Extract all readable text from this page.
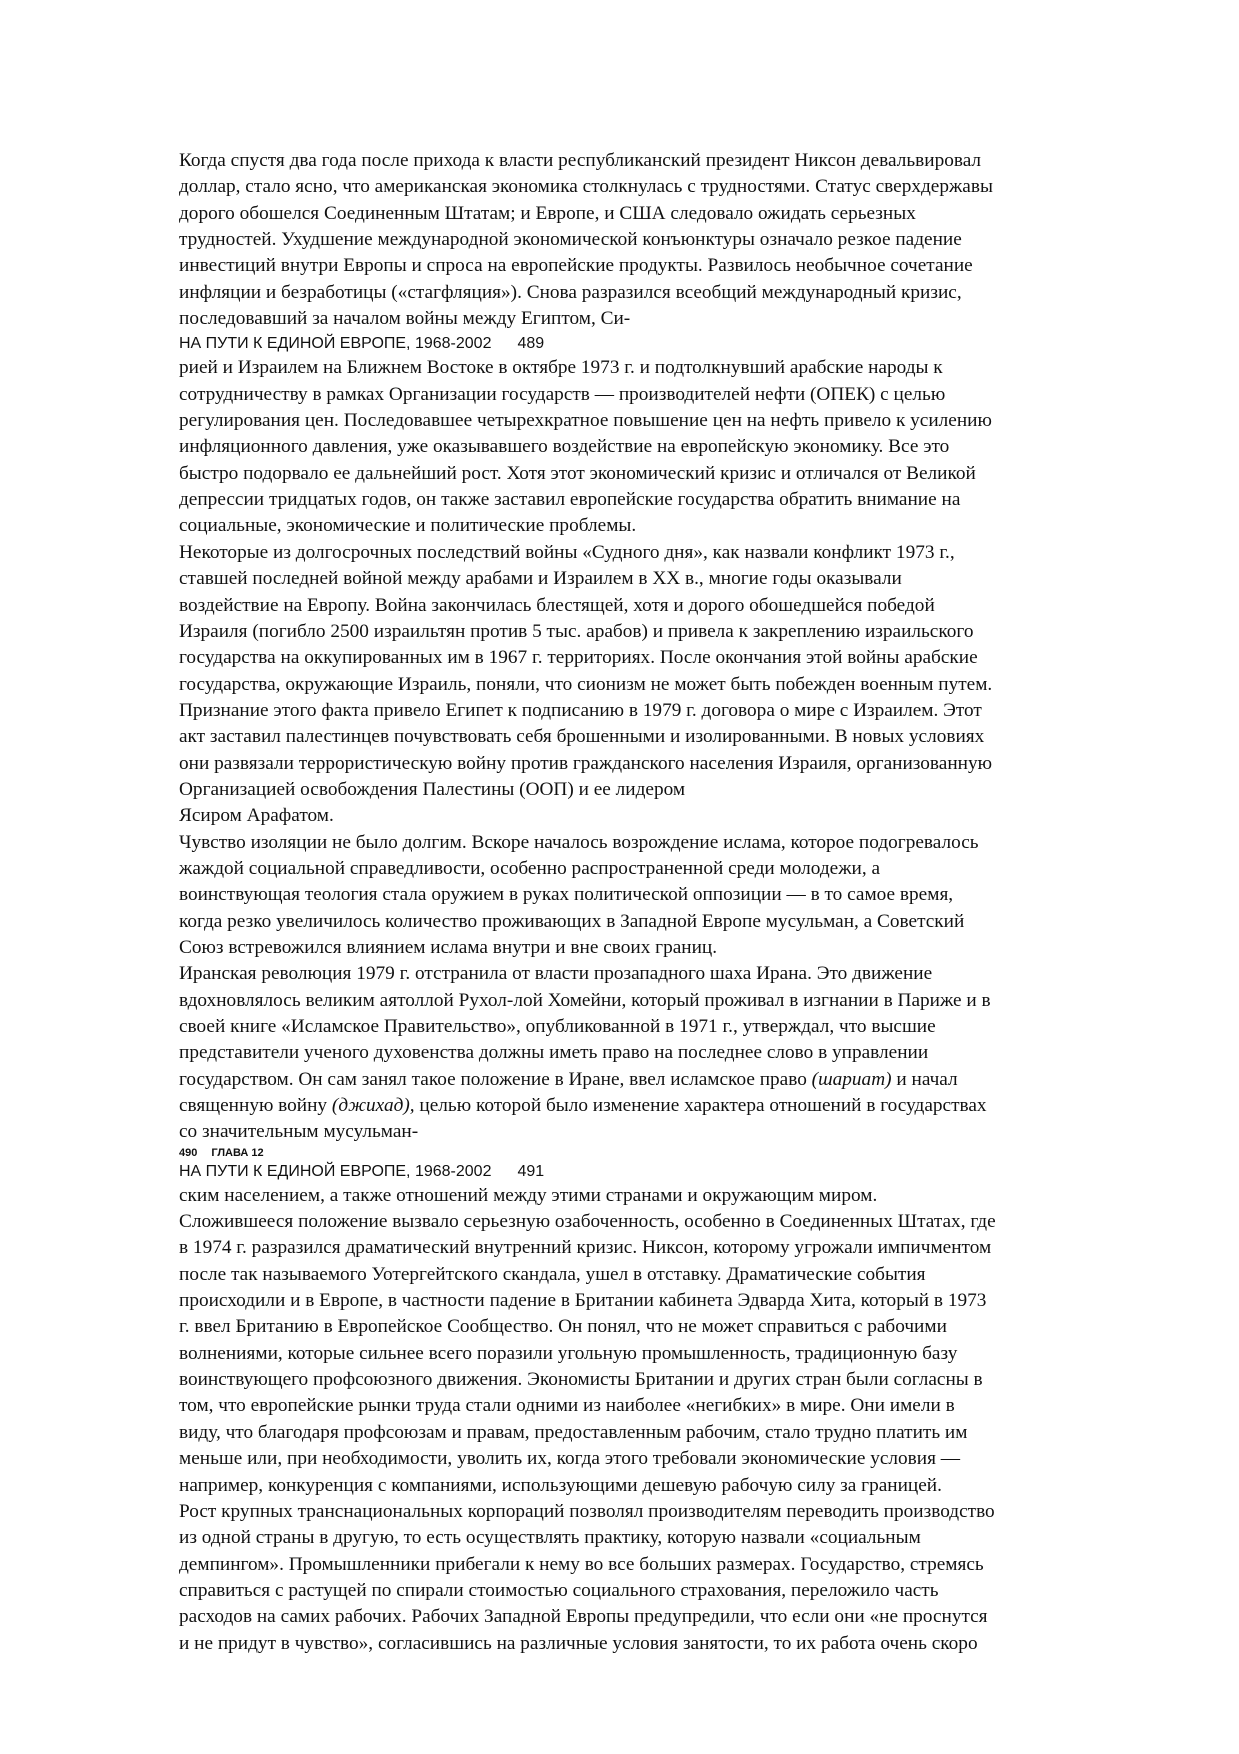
Когда спустя два года после прихода к власти республиканский президент Никсон девальвировал
доллар, стало ясно, что американская экономика столкнулась с трудностями. Статус сверхдержавы
дорого обошелся Соединенным Штатам; и Европе, и США следовало ожидать серьезных
трудностей. Ухудшение международной экономической конъюнктуры означало резкое падение
инвестиций внутри Европы и спроса на европейские продукты. Развилось необычное сочетание
инфляции и безработицы («стагфляция»). Снова разразился всеобщий международный кризис,
последовавший за началом войны между Египтом, Си-
НА ПУТИ К ЕДИНОЙ ЕВРОПЕ, 1968-2002 489
рией и Израилем на Ближнем Востоке в октябре 1973 г. и подтолкнувший арабские народы к
сотрудничеству в рамках Организации государств — производителей нефти (ОПЕК) с целью
регулирования цен. Последовавшее четырехкратное повышение цен на нефть привело к усилению
инфляционного давления, уже оказывавшего воздействие на европейскую экономику. Все это
быстро подорвало ее дальнейший рост. Хотя этот экономический кризис и отличался от Великой
депрессии тридцатых годов, он также заставил европейские государства обратить внимание на
социальные, экономические и политические проблемы.
Некоторые из долгосрочных последствий войны «Судного дня», как назвали конфликт 1973 г.,
ставшей последней войной между арабами и Израилем в XX в., многие годы оказывали
воздействие на Европу. Война закончилась блестящей, хотя и дорого обошедшейся победой
Израиля (погибло 2500 израильтян против 5 тыс. арабов) и привела к закреплению израильского
государства на оккупированных им в 1967 г. территориях. После окончания этой войны арабские
государства, окружающие Израиль, поняли, что сионизм не может быть побежден военным путем.
Признание этого факта привело Египет к подписанию в 1979 г. договора о мире с Израилем. Этот
акт заставил палестинцев почувствовать себя брошенными и изолированными. В новых условиях
они развязали террористическую войну против гражданского населения Израиля, организованную
Организацией освобождения Палестины (ООП) и ее лидером
Ясиром Арафатом.
Чувство изоляции не было долгим. Вскоре началось возрождение ислама, которое подогревалось
жаждой социальной справедливости, особенно распространенной среди молодежи, а
воинствующая теология стала оружием в руках политической оппозиции — в то самое время,
когда резко увеличилось количество проживающих в Западной Европе мусульман, а Советский
Союз встревожился влиянием ислама внутри и вне своих границ.
Иранская революция 1979 г. отстранила от власти прозападного шаха Ирана. Это движение
вдохновлялось великим аятоллой Рухол-лой Хомейни, который проживал в изгнании в Париже и в
своей книге «Исламское Правительство», опубликованной в 1971 г., утверждал, что высшие
представители ученого духовенства должны иметь право на последнее слово в управлении
государством. Он сам занял такое положение в Иране, ввел исламское право (шариат) и начал
священную войну (джихад), целью которой было изменение характера отношений в государствах
со значительным мусульман-
490 ГЛАВА 12
НА ПУТИ К ЕДИНОЙ ЕВРОПЕ, 1968-2002 491
ским населением, а также отношений между этими странами и окружающим миром.
Сложившееся положение вызвало серьезную озабоченность, особенно в Соединенных Штатах, где
в 1974 г. разразился драматический внутренний кризис. Никсон, которому угрожали импичментом
после так называемого Уотергейтского скандала, ушел в отставку. Драматические события
происходили и в Европе, в частности падение в Британии кабинета Эдварда Хита, который в 1973
г. ввел Британию в Европейское Сообщество. Он понял, что не может справиться с рабочими
волнениями, которые сильнее всего поразили угольную промышленность, традиционную базу
воинствующего профсоюзного движения. Экономисты Британии и других стран были согласны в
том, что европейские рынки труда стали одними из наиболее «негибких» в мире. Они имели в
виду, что благодаря профсоюзам и правам, предоставленным рабочим, стало трудно платить им
меньше или, при необходимости, уволить их, когда этого требовали экономические условия —
например, конкуренция с компаниями, использующими дешевую рабочую силу за границей.
Рост крупных транснациональных корпораций позволял производителям переводить производство
из одной страны в другую, то есть осуществлять практику, которую назвали «социальным
демпингом». Промышленники прибегали к нему во все больших размерах. Государство, стремясь
справиться с растущей по спирали стоимостью социального страхования, переложило часть
расходов на самих рабочих. Рабочих Западной Европы предупредили, что если они «не проснутся
и не придут в чувство», согласившись на различные условия занятости, то их работа очень скоро
